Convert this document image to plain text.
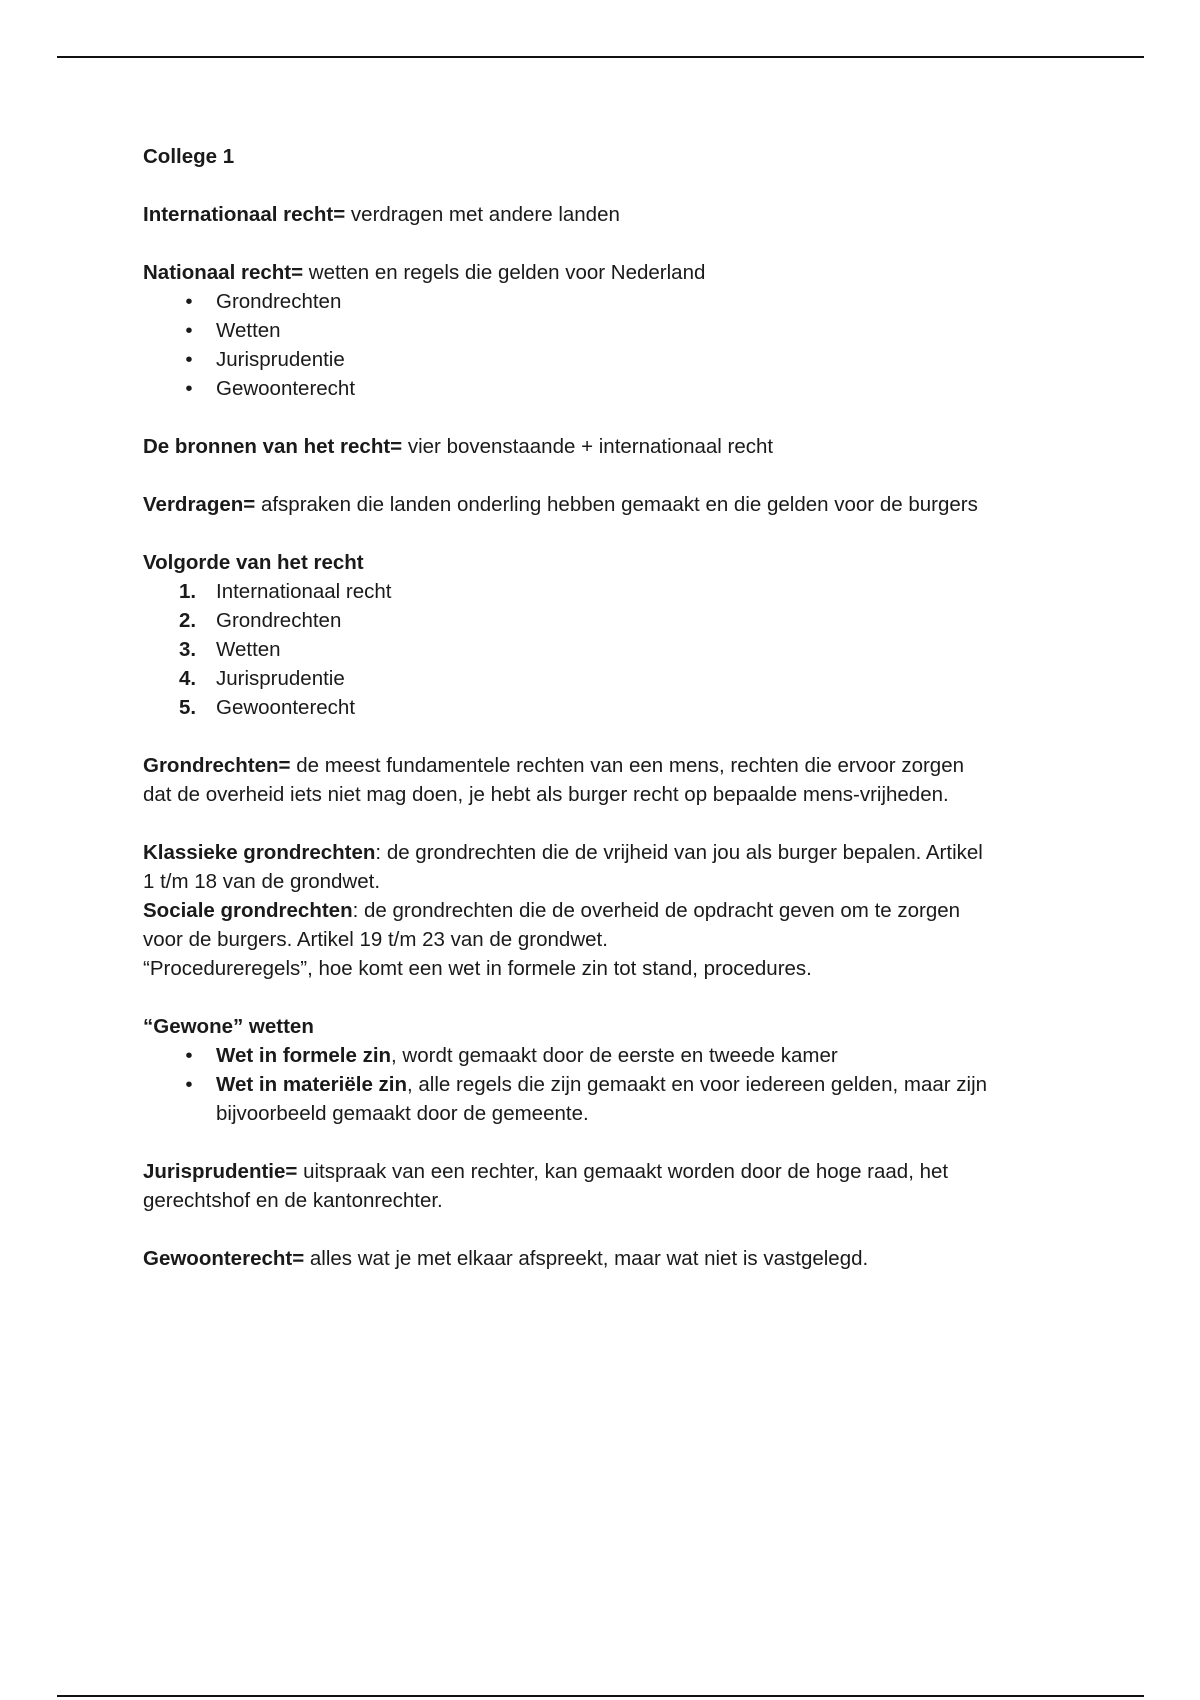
College 1

Internationaal recht= verdragen met andere landen

Nationaal recht= wetten en regels die gelden voor Nederland

•	Grondrechten
•	Wetten
•	Jurisprudentie
•	Gewoonterecht

De bronnen van het recht= vier bovenstaande + internationaal recht

Verdragen= afspraken die landen onderling hebben gemaakt en die gelden voor de burgers

Volgorde van het recht

1. Internationaal recht
2. Grondrechten
3. Wetten
4. Jurisprudentie
5. Gewoonterecht

Grondrechten= de meest fundamentele rechten van een mens, rechten die ervoor zorgen
dat de overheid iets niet mag doen, je hebt als burger recht op bepaalde mens-vrijheden.

Klassieke grondrechten: de grondrechten die de vrijheid van jou als burger bepalen. Artikel
1 t/m 18 van de grondwet.

Sociale grondrechten: de grondrechten die de overheid de opdracht geven om te zorgen
voor de burgers. Artikel 19 t/m 23 van de grondwet.

“Procedureregels”, hoe komt een wet in formele zin tot stand, procedures.

“Gewone” wetten

•	Wet in formele zin, wordt gemaakt door de eerste en tweede kamer
•	Wet in materiële zin, alle regels die zijn gemaakt en voor iedereen gelden, maar zijn
bijvoorbeeld gemaakt door de gemeente.

Jurisprudentie= uitspraak van een rechter, kan gemaakt worden door de hoge raad, het
gerechtshof en de kantonrechter.

Gewoonterecht= alles wat je met elkaar afspreekt, maar wat niet is vastgelegd.
